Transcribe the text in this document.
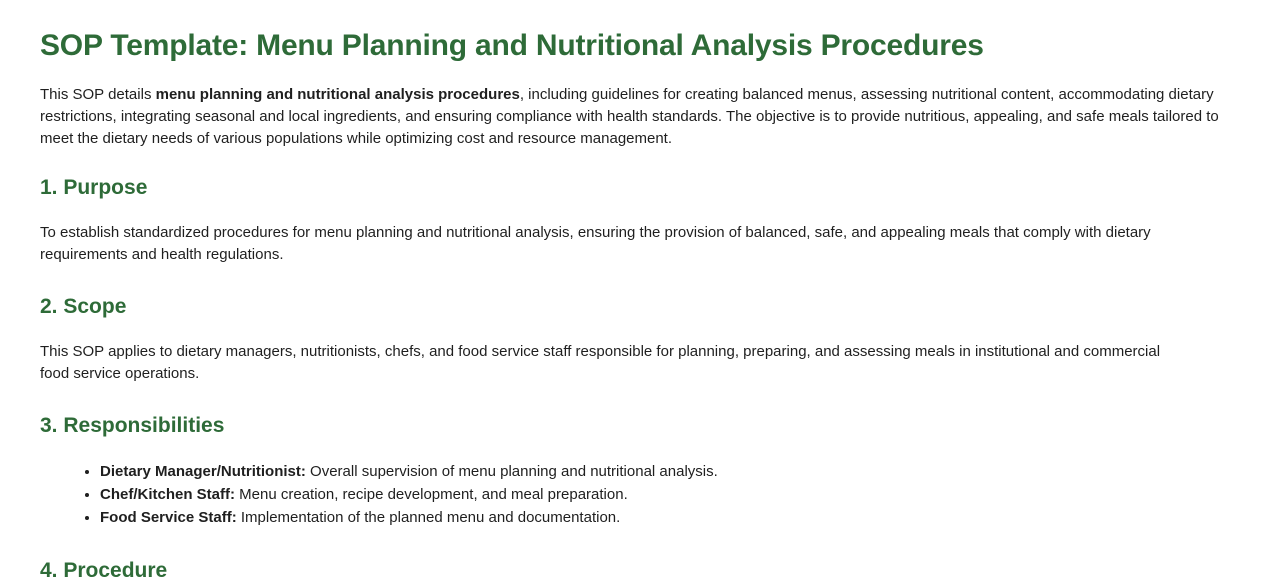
SOP Template: Menu Planning and Nutritional Analysis Procedures

This SOP details menu planning and nutritional analysis procedures, including guidelines for creating balanced menus, assessing nutritional content, accommodating dietary restrictions, integrating seasonal and local ingredients, and ensuring compliance with health standards. The objective is to provide nutritious, appealing, and safe meals tailored to meet the dietary needs of various populations while optimizing cost and resource management.

1. Purpose

To establish standardized procedures for menu planning and nutritional analysis, ensuring the provision of balanced, safe, and appealing meals that comply with dietary requirements and health regulations.

2. Scope

This SOP applies to dietary managers, nutritionists, chefs, and food service staff responsible for planning, preparing, and assessing meals in institutional and commercial food service operations.

3. Responsibilities
• Dietary Manager/Nutritionist: Overall supervision of menu planning and nutritional analysis.
• Chef/Kitchen Staff: Menu creation, recipe development, and meal preparation.
• Food Service Staff: Implementation of the planned menu and documentation.
4. Procedure
